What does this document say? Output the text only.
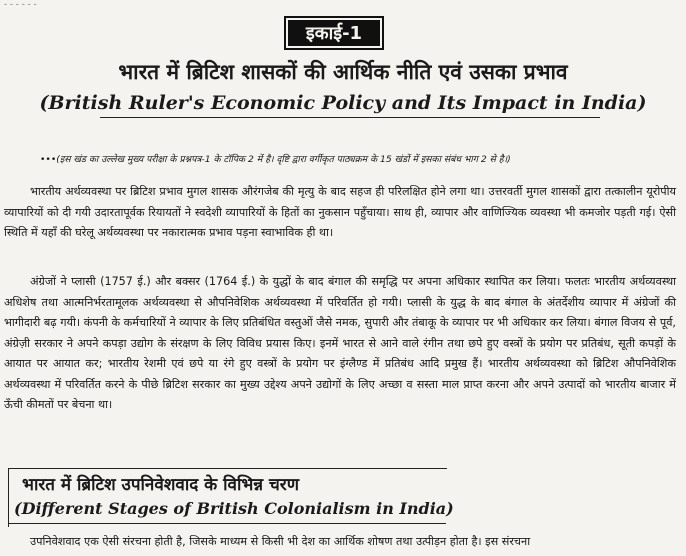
- - - - - -
इकाई-1
भारत में ब्रिटिश शासकों की आर्थिक नीति एवं उसका प्रभाव
(British Ruler's Economic Policy and Its Impact in India)
•••(इस खंड का उल्लेख मुख्य परीक्षा के प्रश्नपत्र-1 के टॉपिक 2 में है। दृष्टि द्वारा वर्गीकृत पाठ्यक्रम के 15 खंडों में इसका संबंध भाग 2 से है।)
भारतीय अर्थव्यवस्था पर ब्रिटिश प्रभाव मुगल शासक औरंगजेब की मृत्यु के बाद सहज ही परिलक्षित होने लगा था। उत्तरवर्ती मुगल शासकों द्वारा तत्कालीन यूरोपीय व्यापारियों को दी गयी उदारतापूर्वक रियायतों ने स्वदेशी व्यापारियों के हितों का नुकसान पहुँचाया। साथ ही, व्यापार और वाणिज्यिक व्यवस्था भी कमजोर पड़ती गई। ऐसी स्थिति में यहाँ की घरेलू अर्थव्यवस्था पर नकारात्मक प्रभाव पड़ना स्वाभाविक ही था।
अंग्रेजों ने प्लासी (1757 ई.) और बक्सर (1764 ई.) के युद्धों के बाद बंगाल की समृद्धि पर अपना अधिकार स्थापित कर लिया। फलतः भारतीय अर्थव्यवस्था अधिशेष तथा आत्मनिर्भरतामूलक अर्थव्यवस्था से औपनिवेशिक अर्थव्यवस्था में परिवर्तित हो गयी। प्लासी के युद्ध के बाद बंगाल के अंतर्देशीय व्यापार में अंग्रेजों की भागीदारी बढ़ गयी। कंपनी के कर्मचारियों ने व्यापार के लिए प्रतिबंधित वस्तुओं जैसे नमक, सुपारी और तंबाकू के व्यापार पर भी अधिकार कर लिया। बंगाल विजय से पूर्व, अंग्रेज़ी सरकार ने अपने कपड़ा उद्योग के संरक्षण के लिए विविध प्रयास किए। इनमें भारत से आने वाले रंगीन तथा छपे हुए वस्त्रों के प्रयोग पर प्रतिबंध, सूती कपड़ों के आयात पर आयात कर; भारतीय रेशमी एवं छपे या रंगे हुए वस्त्रों के प्रयोग पर इंग्लैण्ड में प्रतिबंध आदि प्रमुख हैं। भारतीय अर्थव्यवस्था को ब्रिटिश औपनिवेशिक अर्थव्यवस्था में परिवर्तित करने के पीछे ब्रिटिश सरकार का मुख्य उद्देश्य अपने उद्योगों के लिए अच्छा व सस्ता माल प्राप्त करना और अपने उत्पादों को भारतीय बाजार में ऊँची कीमतों पर बेचना था।
भारत में ब्रिटिश उपनिवेशवाद के विभिन्न चरण
(Different Stages of British Colonialism in India)
उपनिवेशवाद एक ऐसी संरचना होती है, जिसके माध्यम से किसी भी देश का आर्थिक शोषण तथा उत्पीड़न होता है। इस संरचना
